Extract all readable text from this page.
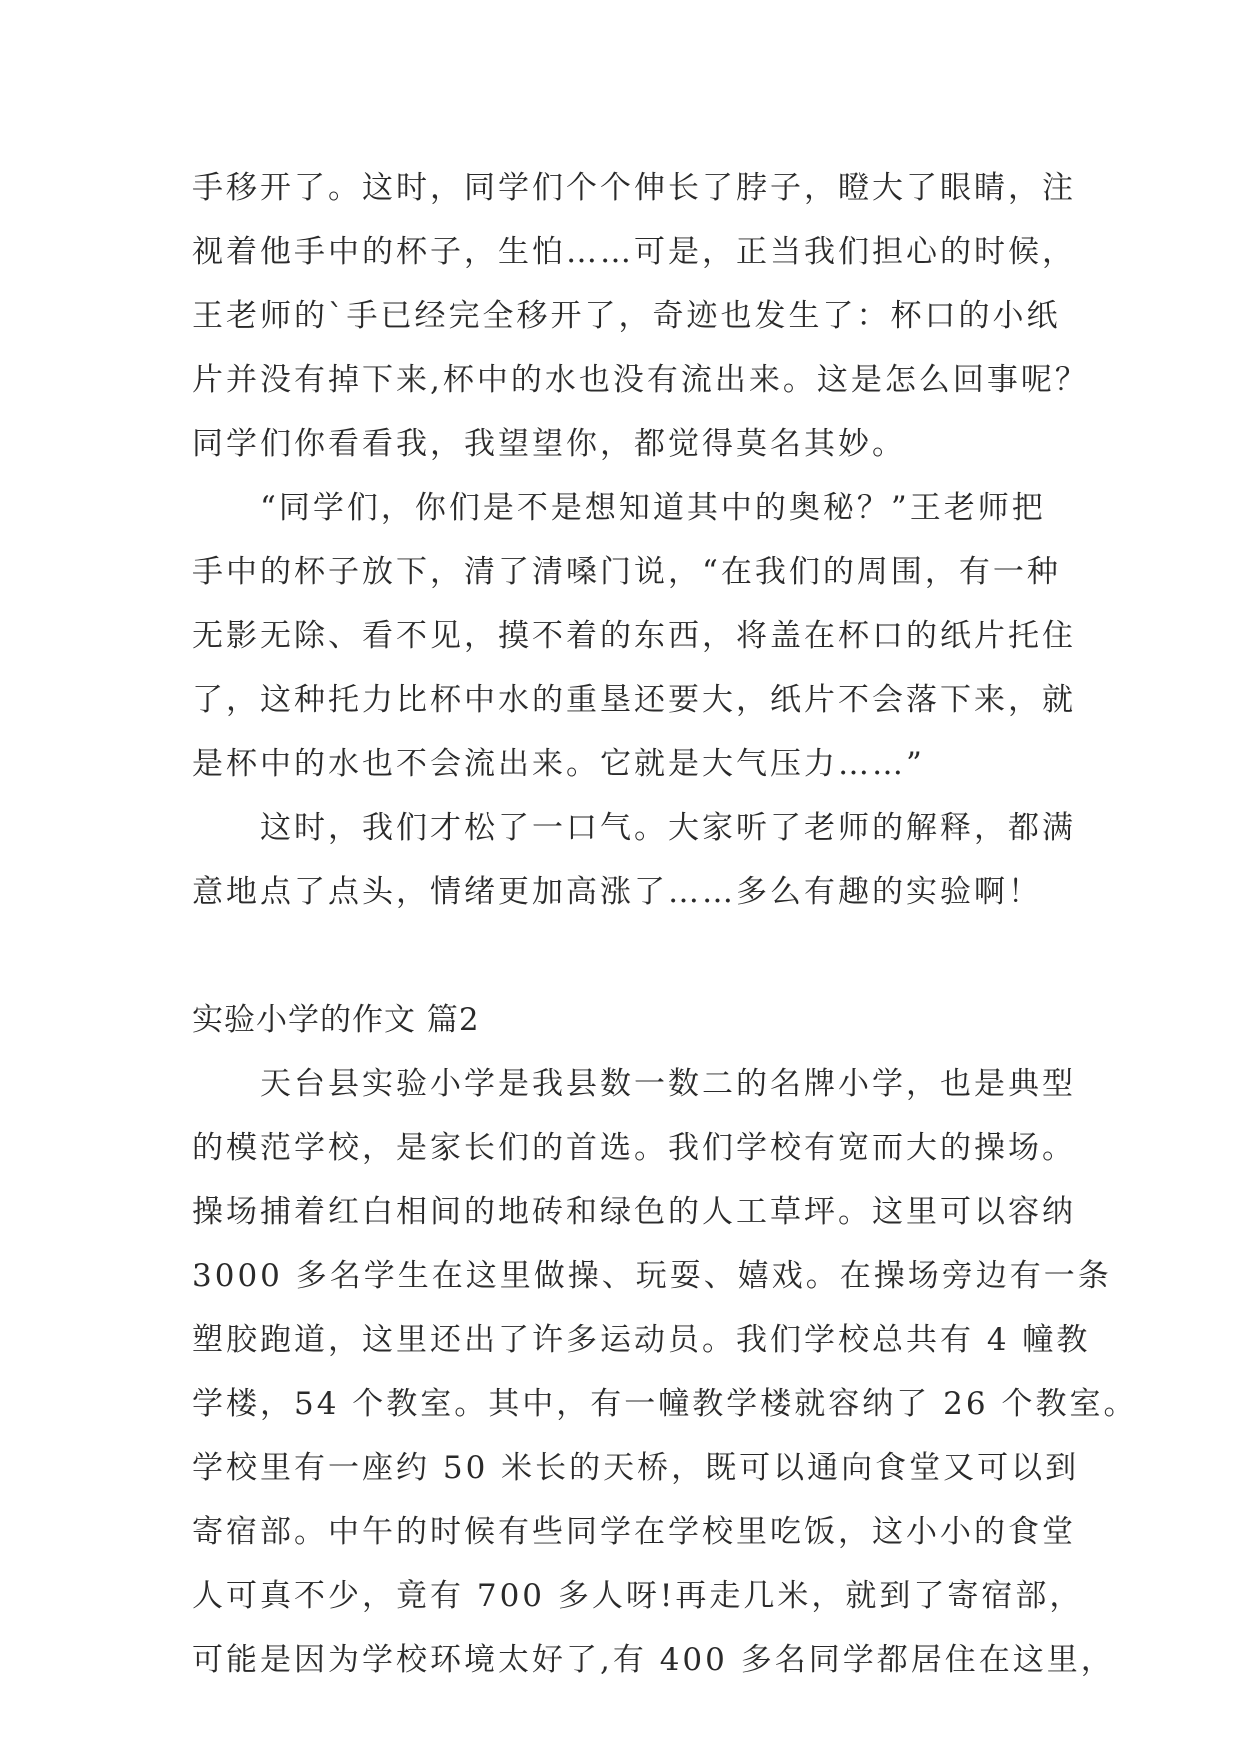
手移开了。这时，同学们个个伸长了脖子，瞪大了眼睛，注
视着他手中的杯子，生怕……可是，正当我们担心的时候，
王老师的`手已经完全移开了，奇迹也发生了：杯口的小纸
片并没有掉下来,杯中的水也没有流出来。这是怎么回事呢？
同学们你看看我，我望望你，都觉得莫名其妙。
　　“同学们，你们是不是想知道其中的奥秘？”王老师把
手中的杯子放下，清了清嗓门说，“在我们的周围，有一种
无影无除、看不见，摸不着的东西，将盖在杯口的纸片托住
了，这种托力比杯中水的重垦还要大，纸片不会落下来，就
是杯中的水也不会流出来。它就是大气压力……”
　　这时，我们才松了一口气。大家听了老师的解释，都满
意地点了点头，情绪更加高涨了……多么有趣的实验啊！
实验小学的作文 篇2
　　天台县实验小学是我县数一数二的名牌小学，也是典型
的模范学校，是家长们的首选。我们学校有宽而大的操场。
操场捕着红白相间的地砖和绿色的人工草坪。这里可以容纳
3000 多名学生在这里做操、玩耍、嬉戏。在操场旁边有一条
塑胶跑道，这里还出了许多运动员。我们学校总共有 4 幢教
学楼，54 个教室。其中，有一幢教学楼就容纳了 26 个教室。
学校里有一座约 50 米长的天桥，既可以通向食堂又可以到
寄宿部。中午的时候有些同学在学校里吃饭，这小小的食堂
人可真不少，竟有 700 多人呀!再走几米，就到了寄宿部，
可能是因为学校环境太好了,有 400 多名同学都居住在这里，
